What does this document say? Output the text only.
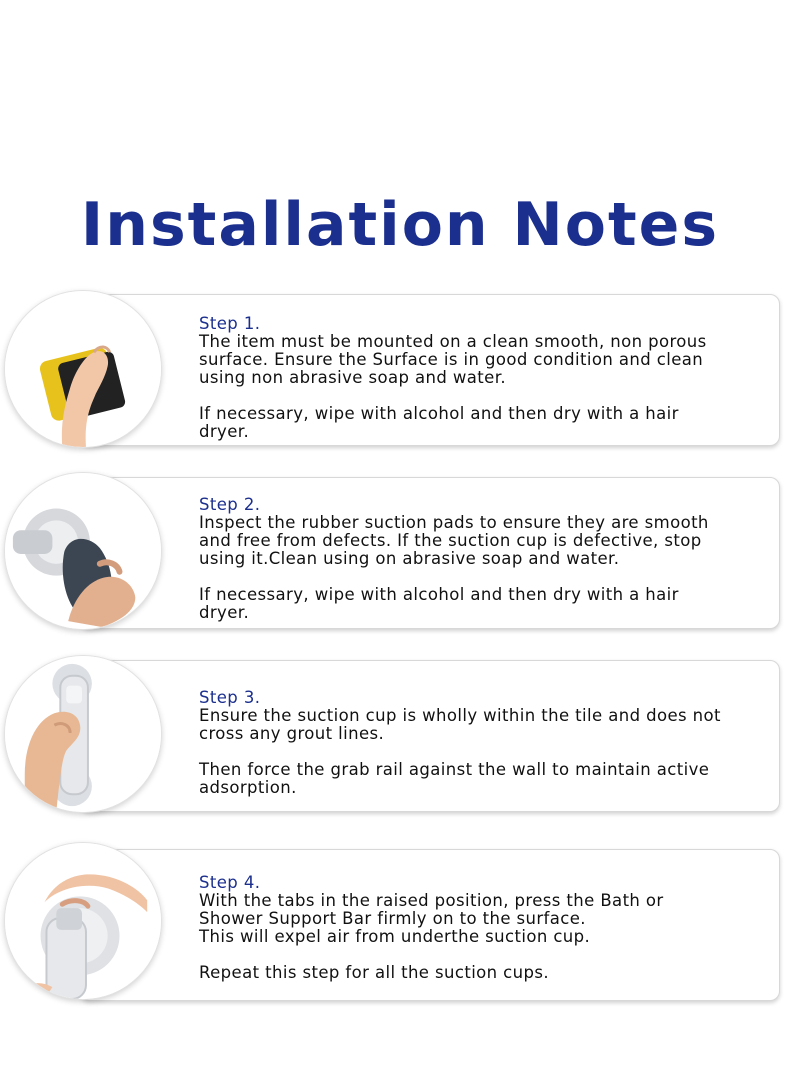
Installation Notes
Step 1.
The item must be mounted on a clean smooth, non porous
surface. Ensure the Surface is in good condition and clean
using non abrasive soap and water.
If necessary, wipe with alcohol and then dry with a hair
dryer.
Step 2.
Inspect the rubber suction pads to ensure they are smooth
and free from defects. If the suction cup is defective, stop
using it.Clean using on abrasive soap and water.
If necessary, wipe with alcohol and then dry with a hair
dryer.
Step 3.
Ensure the suction cup is wholly within the tile and does not
cross any grout lines.
Then force the grab rail against the wall to maintain active
adsorption.
Step 4.
With the tabs in the raised position, press the Bath or
Shower Support Bar firmly on to the surface.
This will expel air from underthe suction cup.
Repeat this step for all the suction cups.
